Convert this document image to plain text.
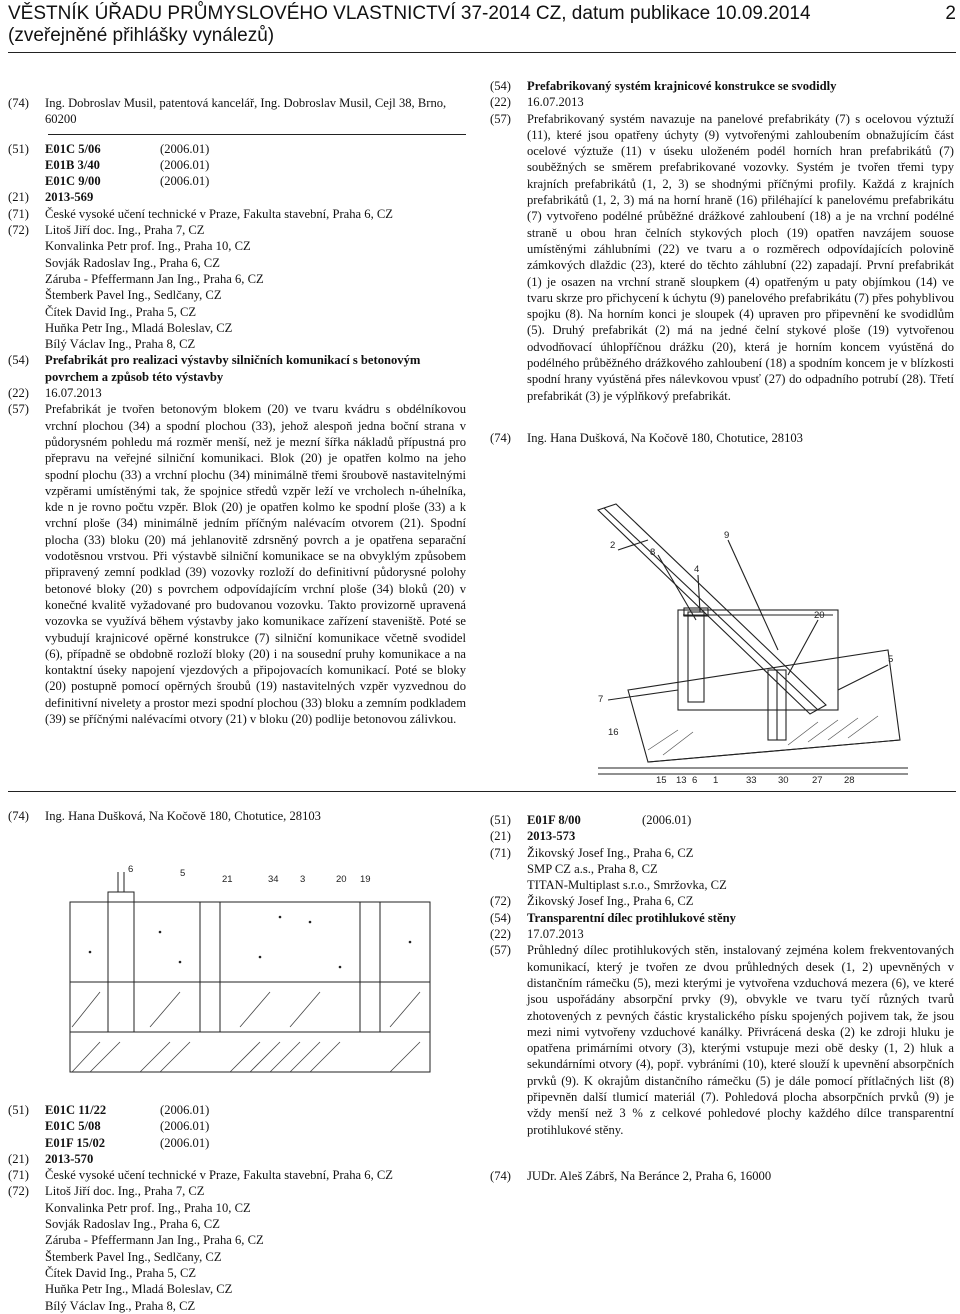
VĚSTNÍK ÚŘADU PRŮMYSLOVÉHO VLASTNICTVÍ 37-2014 CZ, datum publikace 10.09.2014
(zveřejněné přihlášky vynálezů)
2
(74)	Ing. Dobroslav Musil, patentová kancelář, Ing. Dobroslav Musil, Cejl 38, Brno, 60200
(51)	E01C 5/06	(2006.01)
E01B 3/40	(2006.01)
E01C 9/00	(2006.01)
(21)	2013-569
(71)	České vysoké učení technické v Praze, Fakulta stavební, Praha 6, CZ
(72)	Litoš Jiří doc. Ing., Praha 7, CZ
Konvalinka Petr prof. Ing., Praha 10, CZ
Sovják Radoslav Ing., Praha 6, CZ
Záruba - Pfeffermann Jan Ing., Praha 6, CZ
Štemberk Pavel Ing., Sedlčany, CZ
Čítek David Ing., Praha 5, CZ
Huňka Petr Ing., Mladá Boleslav, CZ
Bílý Václav Ing., Praha 8, CZ
(54)	Prefabrikát pro realizaci výstavby silničních komunikací s betonovým povrchem a způsob této výstavby
(22)	16.07.2013
(57)	Prefabrikát je tvořen betonovým blokem (20) ve tvaru kvádru s obdélníkovou vrchní plochou (34) a spodní plochou (33), jehož alespoň jedna boční strana v půdorysném pohledu má rozměr menší, než je mezní šířka nákladů přípustná pro přepravu na veřejné silniční komunikaci. Blok (20) je opatřen kolmo na jeho spodní plochu (33) a vrchní plochu (34) minimálně třemi šroubově nastavitelnými vzpěrami umístěnými tak, že spojnice středů vzpěr leží ve vrcholech n-úhelníka, kde n je rovno počtu vzpěr. Blok (20) je opatřen kolmo ke spodní ploše (33) a k vrchní ploše (34) minimálně jedním příčným nalévacím otvorem (21). Spodní plocha (33) bloku (20) má jehlanovitě zdrsněný povrch a je opatřena separační vodotěsnou vrstvou. Při výstavbě silniční komunikace se na obvyklým způsobem připravený zemní podklad (39) vozovky rozloží do definitivní půdorysné polohy betonové bloky (20) s povrchem odpovídajícím vrchní ploše (34) bloků (20) v konečné kvalitě vyžadované pro budovanou vozovku. Takto provizorně upravená vozovka se využívá během výstavby jako komunikace zařízení staveniště. Poté se vybudují krajnicové opěrné konstrukce (7) silniční komunikace včetně svodidel (6), případně se obdobně rozloží bloky (20) i na sousední pruhy komunikace a na kontaktní úseky napojení vjezdových a připojovacích komunikací. Poté se bloky (20) postupně pomocí opěrných šroubů (19) nastavitelných vzpěr vyzvednou do definitivní nivelety a prostor mezi spodní plochou (33) bloku a zemním podkladem (39) se příčnými nalévacími otvory (21) v bloku (20) podlije betonovou zálivkou.
(54)	Prefabrikovaný systém krajnicové konstrukce se svodidly
(22)	16.07.2013
(57)	Prefabrikovaný systém navazuje na panelové prefabrikáty (7) s ocelovou výztuží (11), které jsou opatřeny úchyty (9) vytvořenými zahloubením obnažujícím část ocelové výztuže (11) v úseku uloženém podél horních hran prefabrikátů (7) souběžných se směrem prefabrikované vozovky. Systém je tvořen třemi typy krajních prefabrikátů (1, 2, 3) se shodnými příčnými profily. Každá z krajních prefabrikátů (1, 2, 3) má na horní hraně (16) přiléhající k panelovému prefabrikátu (7) vytvořeno podélné průběžné drážkové zahloubení (18) a je na vrchní podélné straně u obou hran čelních stykových ploch (19) opatřen navzájem souose umístěnými záhlubními (22) ve tvaru a o rozměrech odpovídajících polovině zámkových dlaždic (23), které do těchto záhlubní (22) zapadají. První prefabrikát (1) je osazen na vrchní straně sloupkem (4) opatřeným u paty objímkou (14) ve tvaru skrze pro přichycení k úchytu (9) panelového prefabrikátu (7) přes pohyblivou spojku (8). Na horním konci je sloupek (4) upraven pro připevnění ke svodidlům (5). Druhý prefabrikát (2) má na jedné čelní stykové ploše (19) vytvořenou odvodňovací úhlopříčnou drážku (20), která je horním koncem vyústěná do podélného průběžného drážkového zahloubení (18) a spodním koncem je v blízkosti spodní hrany vyústěná přes nálevkovou vpusť (27) do odpadního potrubí (28). Třetí prefabrikát (3) je výplňkový prefabrikát.
(74)	Ing. Hana Dušková, Na Kočově 180, Chotutice, 28103
2
8
4
9
7
20
5
16
15 13 6 1	33 30 27 28
(74)	Ing. Hana Dušková, Na Kočově 180, Chotutice, 28103
6
21	34
5
3	20 19
(51)	E01C 11/22	(2006.01)
E01C 5/08	(2006.01)
E01F 15/02	(2006.01)
(21)	2013-570
(71)	České vysoké učení technické v Praze, Fakulta stavební, Praha 6, CZ
(72)	Litoš Jiří doc. Ing., Praha 7, CZ
Konvalinka Petr prof. Ing., Praha 10, CZ
Sovják Radoslav Ing., Praha 6, CZ
Záruba - Pfeffermann Jan Ing., Praha 6, CZ
Štemberk Pavel Ing., Sedlčany, CZ
Čítek David Ing., Praha 5, CZ
Huňka Petr Ing., Mladá Boleslav, CZ
Bílý Václav Ing., Praha 8, CZ
(51)	E01F 8/00	(2006.01)
(21)	2013-573
(71)	Žikovský Josef Ing., Praha 6, CZ
SMP CZ a.s., Praha 8, CZ
TITAN-Multiplast s.r.o., Smržovka, CZ
(72)	Žikovský Josef Ing., Praha 6, CZ
(54)	Transparentní dílec protihlukové stěny
(22)	17.07.2013
(57)	Průhledný dílec protihlukových stěn, instalovaný zejména kolem frekventovaných komunikací, který je tvořen ze dvou průhledných desek (1, 2) upevněných v distančním rámečku (5), mezi kterými je vytvořena vzduchová mezera (6), ve které jsou uspořádány absorpční prvky (9), obvykle ve tvaru tyčí různých tvarů zhotovených z pevných částic krystalického písku spojených pojivem tak, že jsou mezi nimi vytvořeny vzduchové kanálky. Přivrácená deska (2) ke zdroji hluku je opatřena primárními otvory (3), kterými vstupuje mezi obě desky (1, 2) hluk a sekundárními otvory (4), popř. vybráními (10), které slouží k upevnění absorpčních prvků (9). K okrajům distančního rámečku (5) je dále pomocí přítlačných lišt (8) připevněn další tlumicí materiál (7). Pohledová plocha absorpčních prvků (9) je vždy menší než 3 % z celkové pohledové plochy každého dílce transparentní protihlukové stěny.
(74)	JUDr. Aleš Zábrš, Na Beránce 2, Praha 6, 16000
